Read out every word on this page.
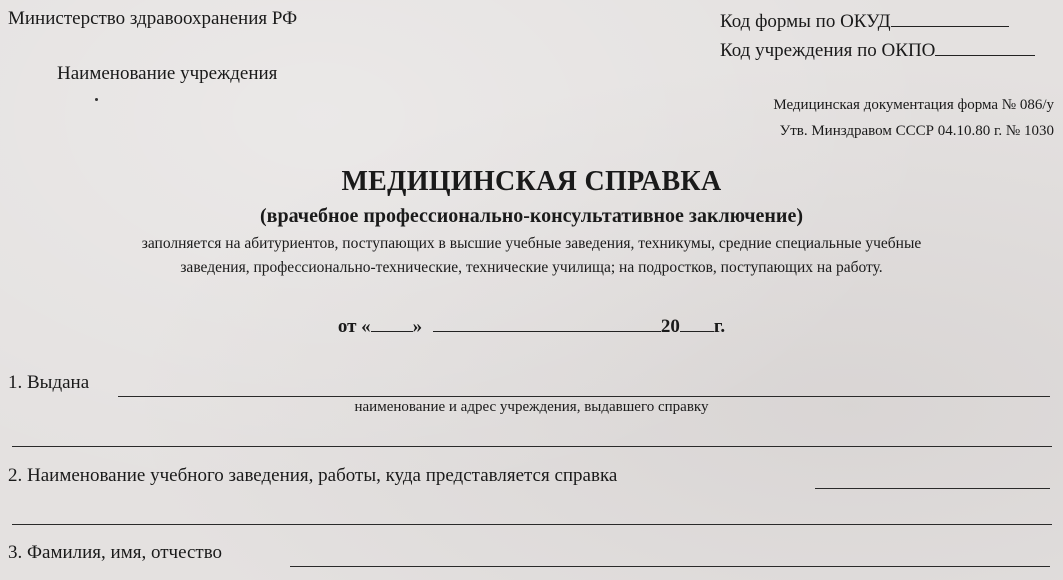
Министерство здравоохранения РФ
Наименование учреждения
Код формы по ОКУД
Код учреждения по ОКПО
Медицинская документация форма № 086/у
Утв. Минздравом СССР 04.10.80 г. № 1030
МЕДИЦИНСКАЯ СПРАВКА
(врачебное профессионально-консультативное заключение)
заполняется на абитуриентов, поступающих в высшие учебные заведения, техникумы, средние специальные учебные
заведения, профессионально-технические, технические училища; на подростков, поступающих на работу.
от « »	20 г.
1. Выдана
наименование и адрес учреждения, выдавшего справку
2. Наименование учебного заведения, работы, куда представляется справка
3. Фамилия, имя, отчество
